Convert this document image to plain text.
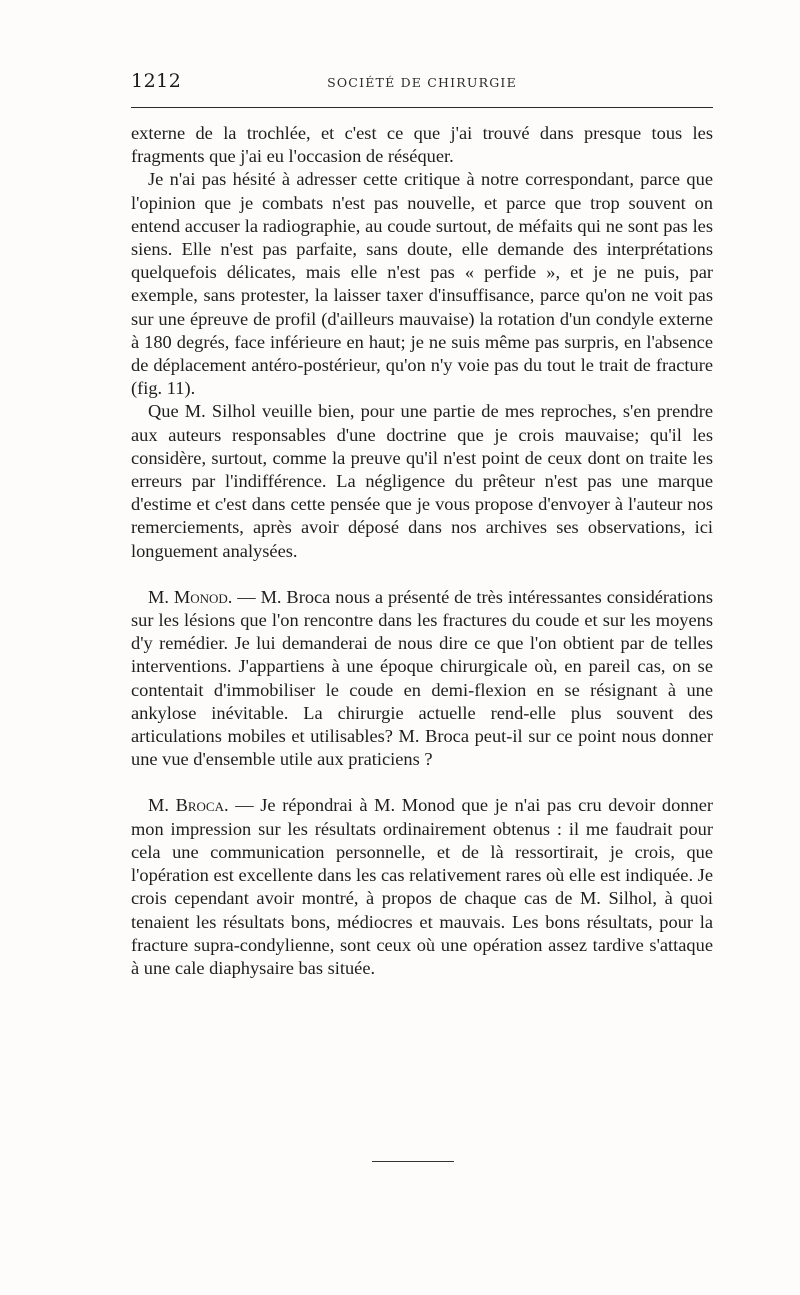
1212	SOCIÉTÉ DE CHIRURGIE

externe de la trochlée, et c'est ce que j'ai trouvé dans presque tous les fragments que j'ai eu l'occasion de réséquer.

Je n'ai pas hésité à adresser cette critique à notre correspondant, parce que l'opinion que je combats n'est pas nouvelle, et parce que trop souvent on entend accuser la radiographie, au coude surtout, de méfaits qui ne sont pas les siens. Elle n'est pas parfaite, sans doute, elle demande des interprétations quelquefois délicates, mais elle n'est pas « perfide », et je ne puis, par exemple, sans protester, la laisser taxer d'insuffisance, parce qu'on ne voit pas sur une épreuve de profil (d'ailleurs mauvaise) la rotation d'un condyle externe à 180 degrés, face inférieure en haut; je ne suis même pas surpris, en l'absence de déplacement antéro-postérieur, qu'on n'y voie pas du tout le trait de fracture (fig. 11).

Que M. Silhol veuille bien, pour une partie de mes reproches, s'en prendre aux auteurs responsables d'une doctrine que je crois mauvaise; qu'il les considère, surtout, comme la preuve qu'il n'est point de ceux dont on traite les erreurs par l'indifférence. La négligence du prêteur n'est pas une marque d'estime et c'est dans cette pensée que je vous propose d'envoyer à l'auteur nos remerciements, après avoir déposé dans nos archives ses observations, ici longuement analysées.

M. Monod. — M. Broca nous a présenté de très intéressantes considérations sur les lésions que l'on rencontre dans les fractures du coude et sur les moyens d'y remédier. Je lui demanderai de nous dire ce que l'on obtient par de telles interventions. J'appartiens à une époque chirurgicale où, en pareil cas, on se contentait d'immobiliser le coude en demi-flexion en se résignant à une ankylose inévitable. La chirurgie actuelle rend-elle plus souvent des articulations mobiles et utilisables? M. Broca peut-il sur ce point nous donner une vue d'ensemble utile aux praticiens ?

M. Broca. — Je répondrai à M. Monod que je n'ai pas cru devoir donner mon impression sur les résultats ordinairement obtenus : il me faudrait pour cela une communication personnelle, et de là ressortirait, je crois, que l'opération est excellente dans les cas relativement rares où elle est indiquée. Je crois cependant avoir montré, à propos de chaque cas de M. Silhol, à quoi tenaient les résultats bons, médiocres et mauvais. Les bons résultats, pour la fracture supra-condylienne, sont ceux où une opération assez tardive s'attaque à une cale diaphysaire bas située.
